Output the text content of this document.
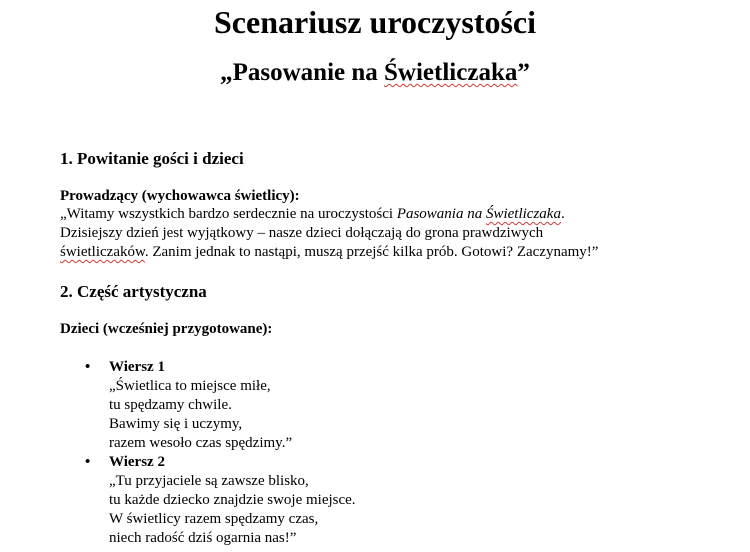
Scenariusz uroczystości
„Pasowanie na Świetliczaka”
1. Powitanie gości i dzieci

Prowadzący (wychowawca świetlicy):

„Witamy wszystkich bardzo serdecznie na uroczystości Pasowania na Świetliczaka.
Dzisiejszy dzień jest wyjątkowy – nasze dzieci dołączają do grona prawdziwych
świetliczaków. Zanim jednak to nastąpi, muszą przejść kilka prób. Gotowi? Zaczynamy!”

2. Część artystyczna

Dzieci (wcześniej przygotowane):

• Wiersz 1
„Świetlica to miejsce miłe,
tu spędzamy chwile.
Bawimy się i uczymy,
razem wesoło czas spędzimy.”
• Wiersz 2
„Tu przyjaciele są zawsze blisko,
tu każde dziecko znajdzie swoje miejsce.
W świetlicy razem spędzamy czas,
niech radość dziś ogarnia nas!”
